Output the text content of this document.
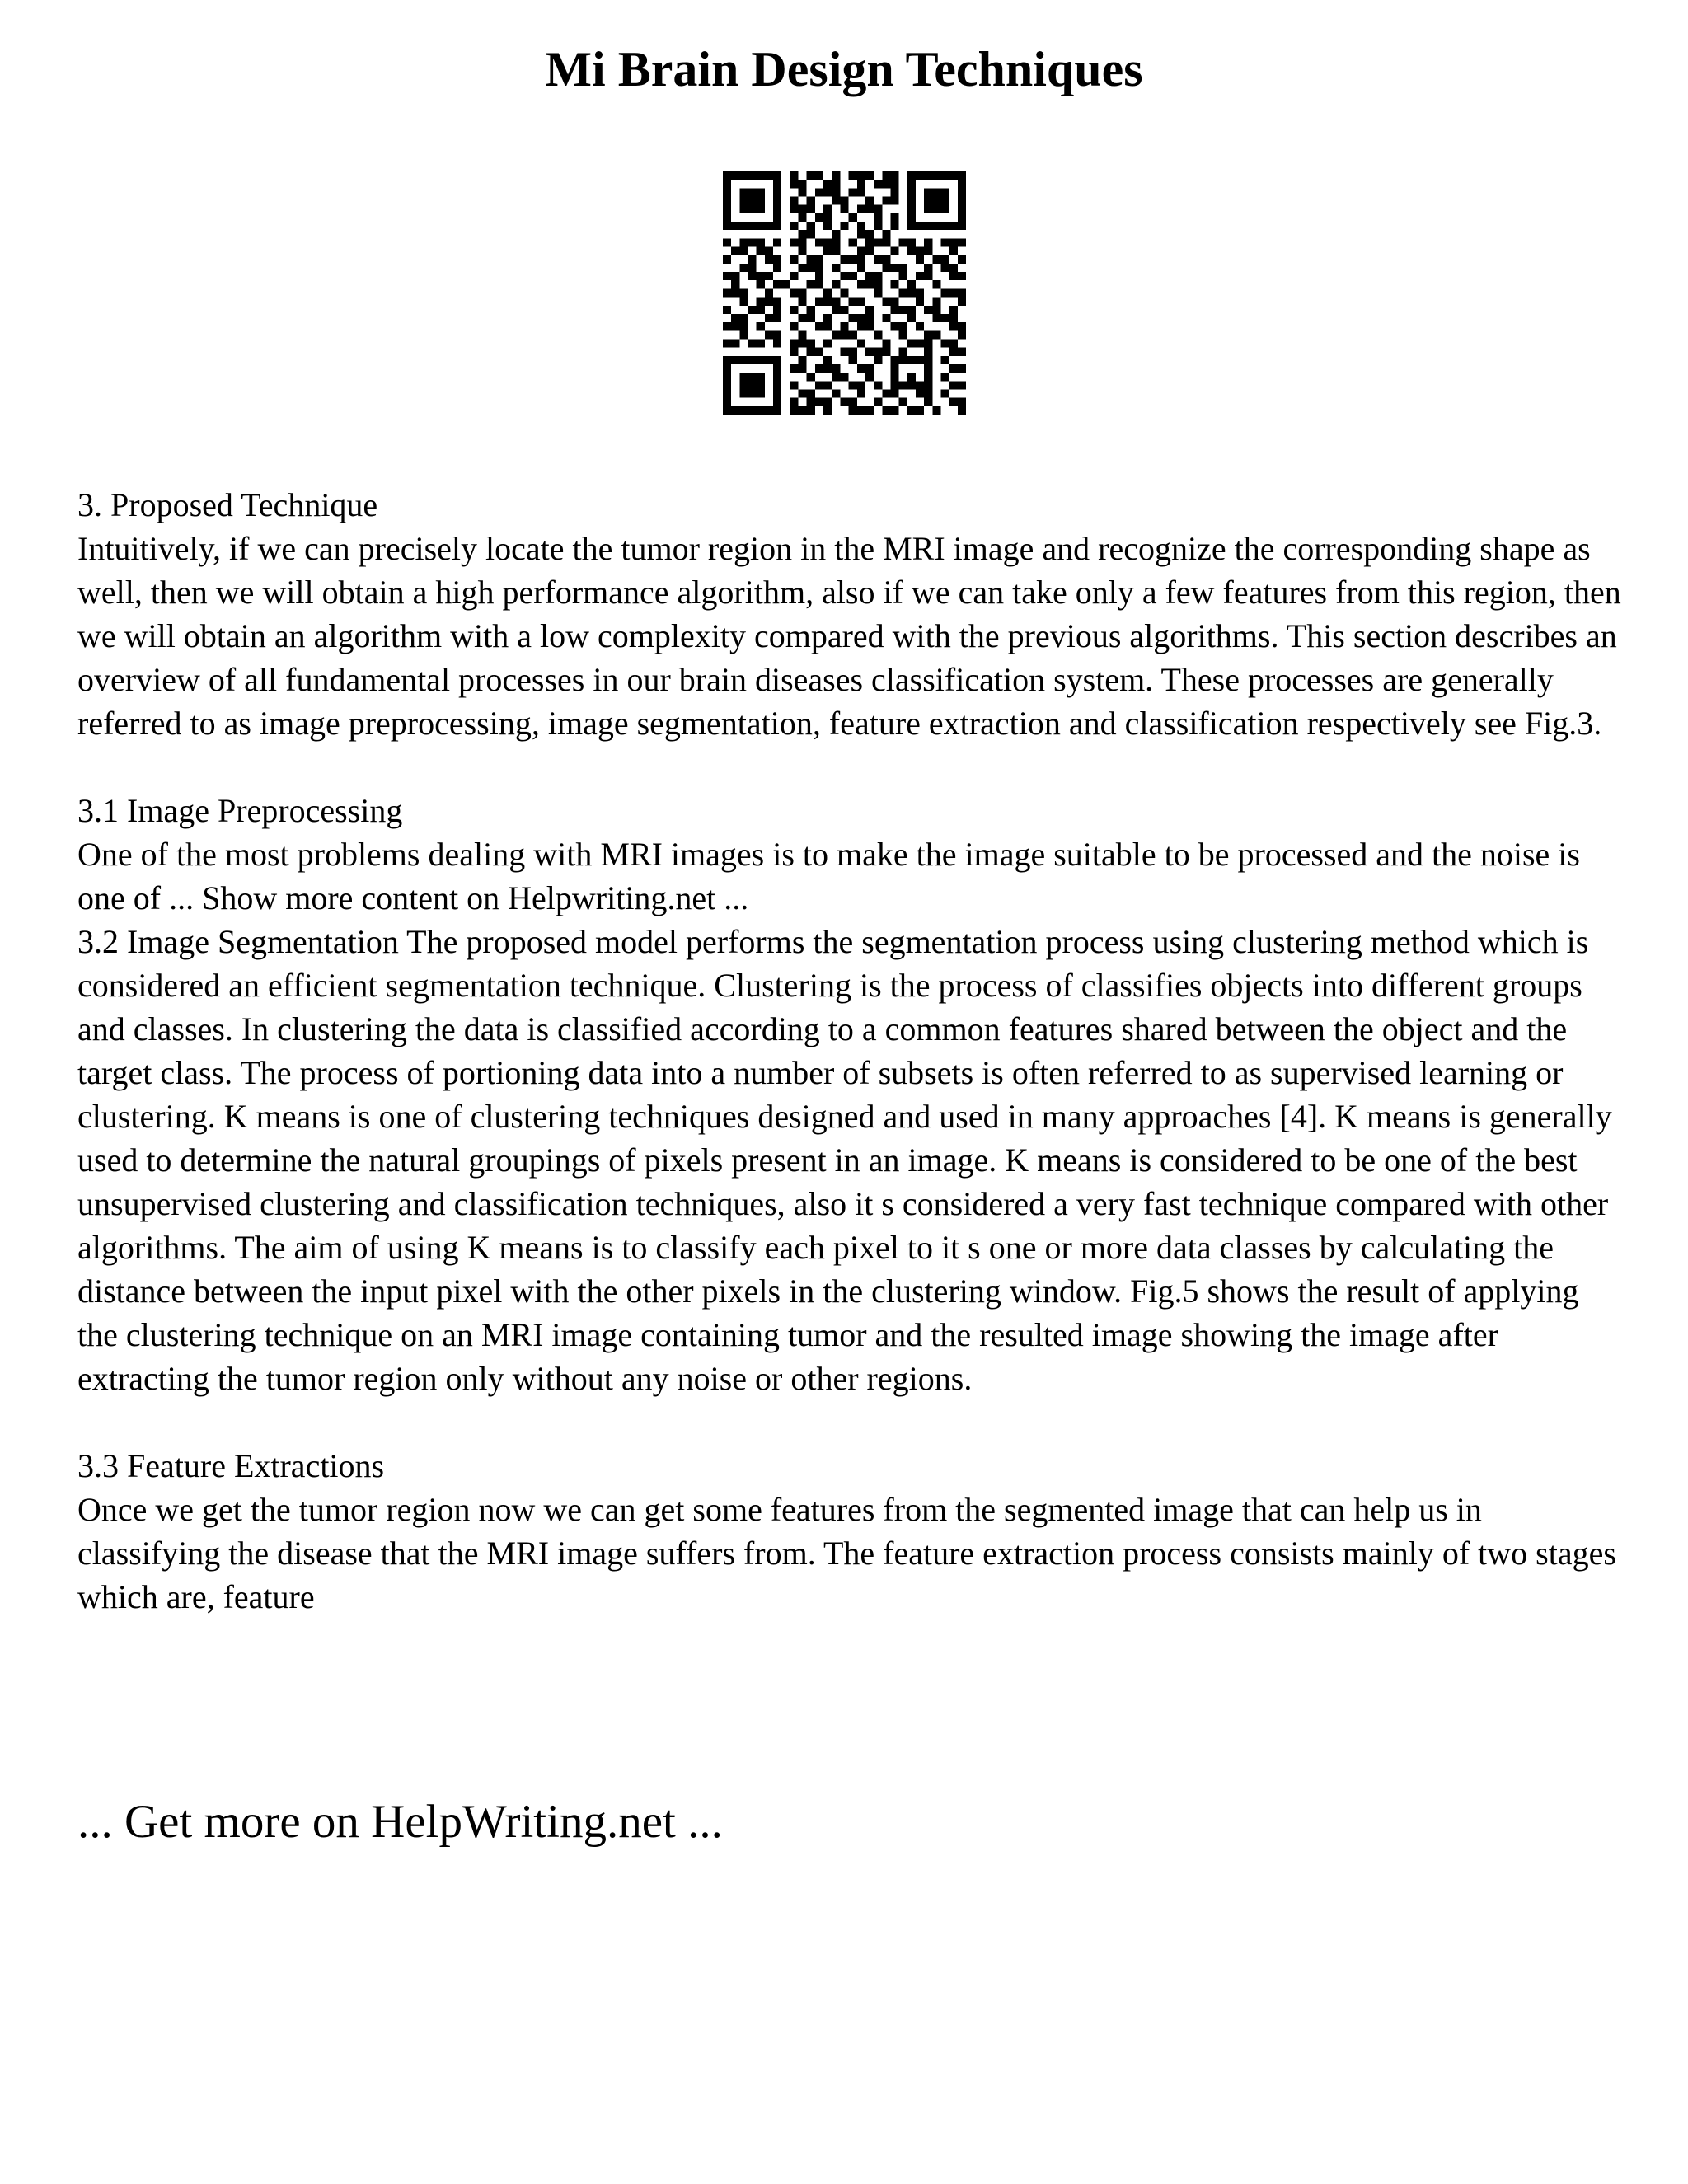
Mi Brain Design Techniques

3. Proposed Technique

Intuitively, if we can precisely locate the tumor region in the MRI image and recognize the corresponding shape as well, then we will obtain a high performance algorithm, also if we can take only a few features from this region, then we will obtain an algorithm with a low complexity compared with the previous algorithms. This section describes an overview of all fundamental processes in our brain diseases classification system. These processes are generally referred to as image preprocessing, image segmentation, feature extraction and classification respectively see Fig.3.

3.1 Image Preprocessing

One of the most problems dealing with MRI images is to make the image suitable to be processed and the noise is one of ... Show more content on Helpwriting.net ...

3.2 Image Segmentation The proposed model performs the segmentation process using clustering method which is considered an efficient segmentation technique. Clustering is the process of classifies objects into different groups and classes. In clustering the data is classified according to a common features shared between the object and the target class. The process of portioning data into a number of subsets is often referred to as supervised learning or clustering. K means is one of clustering techniques designed and used in many approaches [4]. K means is generally used to determine the natural groupings of pixels present in an image. K means is considered to be one of the best unsupervised clustering and classification techniques, also it s considered a very fast technique compared with other algorithms. The aim of using K means is to classify each pixel to it s one or more data classes by calculating the distance between the input pixel with the other pixels in the clustering window. Fig.5 shows the result of applying the clustering technique on an MRI image containing tumor and the resulted image showing the image after extracting the tumor region only without any noise or other regions.

3.3 Feature Extractions

Once we get the tumor region now we can get some features from the segmented image that can help us in classifying the disease that the MRI image suffers from. The feature extraction process consists mainly of two stages which are, feature

... Get more on HelpWriting.net ...
